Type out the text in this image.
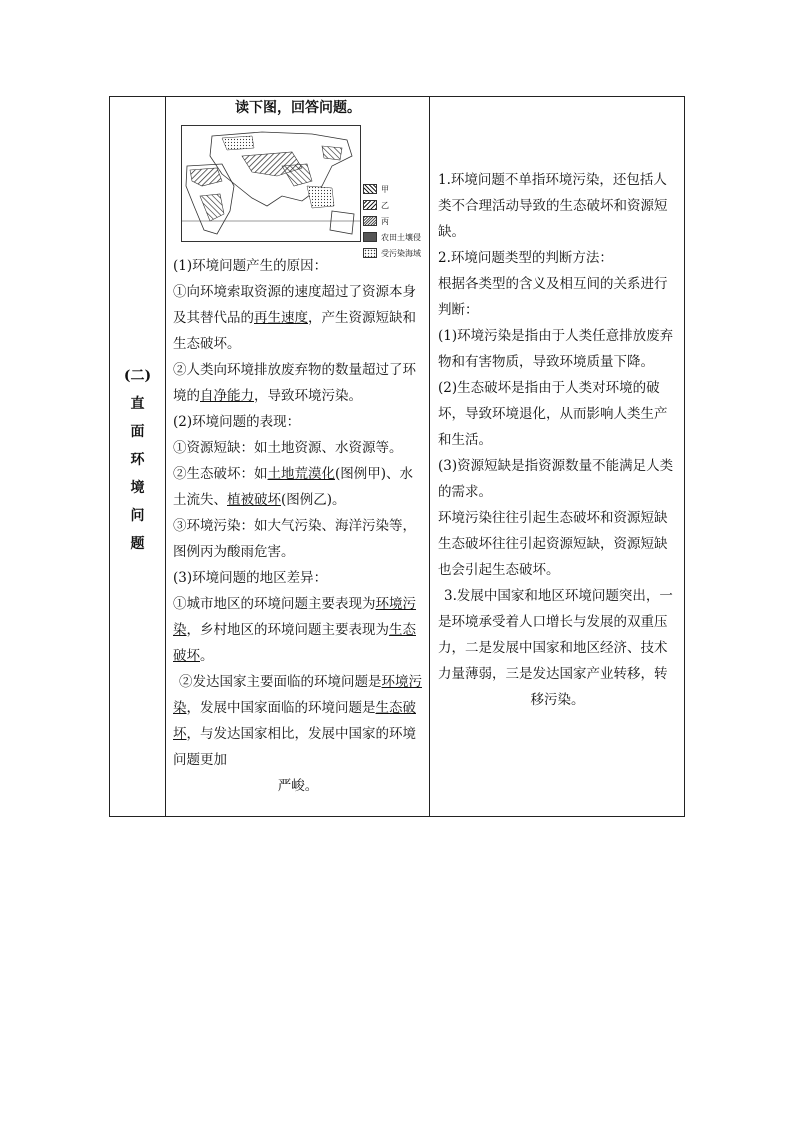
(二)
直
面
环
境
问
题
读下图，回答问题。
甲
乙
丙
农田土壤侵
受污染海域

(1)环境问题产生的原因：

①向环境索取资源的速度超过了资源本身及其替代品的再生速度，产生资源短缺和生态破坏。

②人类向环境排放废弃物的数量超过了环境的自净能力，导致环境污染。

(2)环境问题的表现：

①资源短缺：如土地资源、水资源等。

②生态破坏：如土地荒漠化(图例甲)、水土流失、植被破坏(图例乙)。

③环境污染：如大气污染、海洋污染等，图例丙为酸雨危害。

(3)环境问题的地区差异：

①城市地区的环境问题主要表现为环境污染，乡村地区的环境问题主要表现为生态破坏。

②发达国家主要面临的环境问题是环境污染，发展中国家面临的环境问题是生态破坏，与发达国家相比，发展中国家的环境问题更加

严峻。

1.环境问题不单指环境污染，还包括人类不合理活动导致的生态破坏和资源短缺。

2.环境问题类型的判断方法：

根据各类型的含义及相互间的关系进行判断：

(1)环境污染是指由于人类任意排放废弃物和有害物质，导致环境质量下降。

(2)生态破坏是指由于人类对环境的破坏，导致环境退化，从而影响人类生产和生活。

(3)资源短缺是指资源数量不能满足人类的需求。

环境污染往往引起生态破坏和资源短缺生态破坏往往引起资源短缺，资源短缺也会引起生态破坏。

3.发展中国家和地区环境问题突出，一是环境承受着人口增长与发展的双重压力，二是发展中国家和地区经济、技术力量薄弱，三是发达国家产业转移，转

移污染。
